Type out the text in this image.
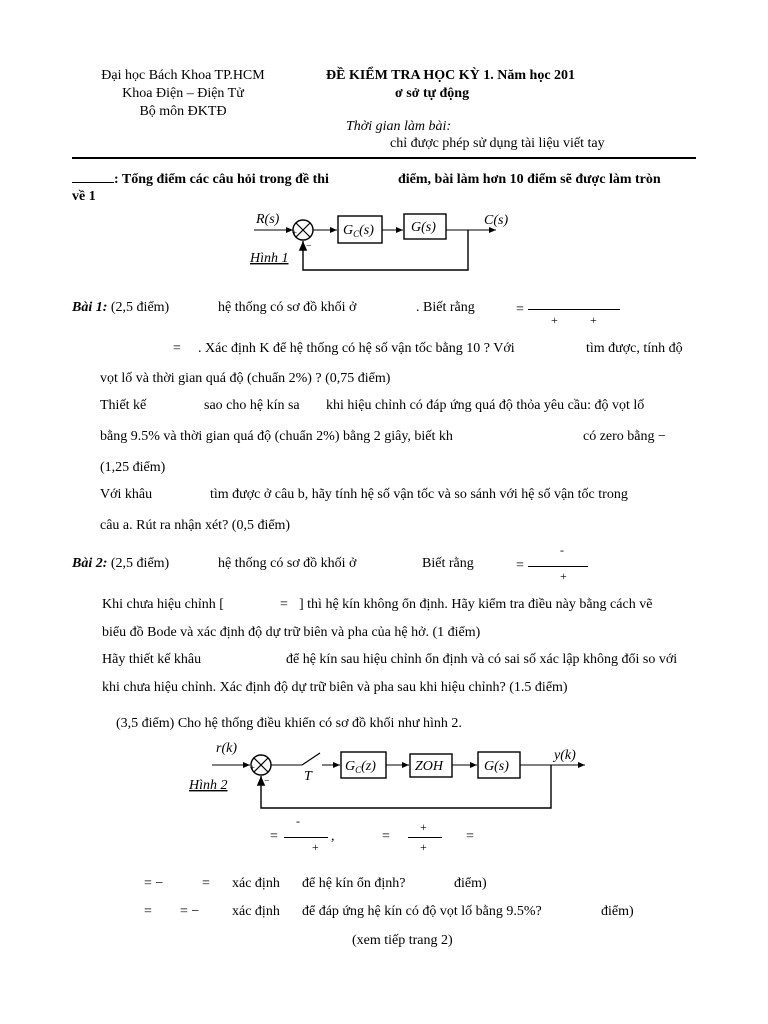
Đại học Bách Khoa TP.HCM
Khoa Điện – Điện Tử
Bộ môn ĐKTĐ
ĐỀ KIỂM TRA HỌC KỲ 1. Năm học 201
ơ sở tự động
Thời gian làm bài:
chỉ được phép sử dụng tài liệu viết tay
: Tổng điểm các câu hỏi trong đề thi	điểm, bài làm hơn 10 điểm sẽ được làm tròn
về 1
R(s)
+
−
$G_C(s)$	G(s)	C(s)
Hình 1
Bài 1: (2,5 điểm)	hệ thống có sơ đồ khối ở	. Biết rằng	=
+	+
= . Xác định K để hệ thống có hệ số vận tốc bằng 10 ? Với	tìm được, tính độ
vọt lố và thời gian quá độ (chuẩn 2%) ? (0,75 điểm)
Thiết kế	sao cho hệ kín sa khi hiệu chỉnh có đáp ứng quá độ thỏa yêu cầu: độ vọt lố
bằng 9.5% và thời gian quá độ (chuẩn 2%) bằng 2 giây, biết kh	có zero bằng −
(1,25 điểm)
Với khâu	tìm được ở câu b, hãy tính hệ số vận tốc và so sánh với hệ số vận tốc trong
câu a. Rút ra nhận xét? (0,5 điểm)
Bài 2: (2,5 điểm)	hệ thống có sơ đồ khối ở	Biết rằng	=
-
+
Khi chưa hiệu chỉnh [	= ] thì hệ kín không ổn định. Hãy kiểm tra điều này bằng cách vẽ
biểu đồ Bode và xác định độ dự trữ biên và pha của hệ hở. (1 điểm)
Hãy thiết kế khâu	để hệ kín sau hiệu chỉnh ổn định và có sai số xác lập không đổi so với
khi chưa hiệu chỉnh. Xác định độ dự trữ biên và pha sau khi hiệu chỉnh? (1.5 điểm)
(3,5 điểm) Cho hệ thống điều khiển có sơ đồ khối như hình 2.
r(k)
+
− T
$G_C(z)$	ZOH	G(s)
y(k)
Hình 2
=
-
+
,	=
+
+
=
= −	= xác định để hệ kín ổn định?	điểm)
= = − xác định để đáp ứng hệ kín có độ vọt lố bằng 9.5%?	điểm)
(xem tiếp trang 2)
